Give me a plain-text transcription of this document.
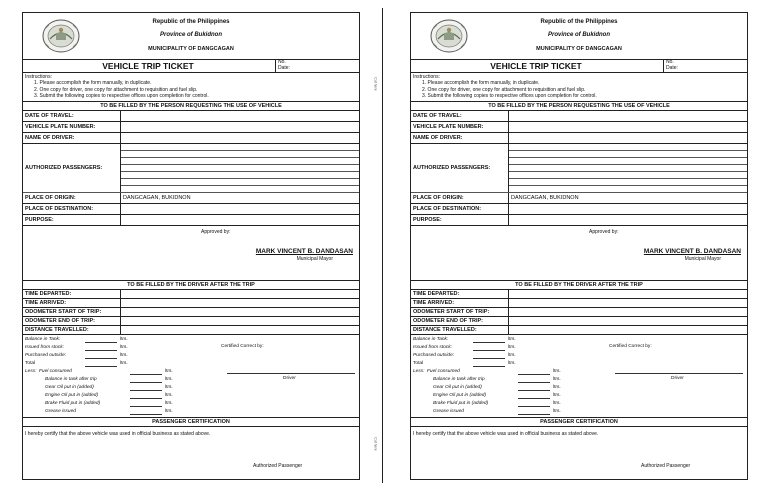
Cut here
Cut here
Republic of the Philippines
Province of Bukidnon
MUNICIPALITY OF DANGCAGAN
VEHICLE TRIP TICKET	No.
Date:
Instructions:
1. Please accomplish the form manually, in duplicate.
2. One copy for driver, one copy for attachment to requisition and fuel slip.
3. Submit the following copies to respective offices upon completion for control.
TO BE FILLED BY THE PERSON REQUESTING THE USE OF VEHICLE
DATE OF TRAVEL:	
VEHICLE PLATE NUMBER:	
NAME OF DRIVER:	
AUTHORIZED PASSENGERS:	

PLACE OF ORIGIN:	DANGCAGAN, BUKIDNON
PLACE OF DESTINATION:	
PURPOSE:	
Approved by:
MARK VINCENT B. DANDASAN
Municipal Mayor
TO BE FILLED BY THE DRIVER AFTER THE TRIP
TIME DEPARTED:	
TIME ARRIVED:	
ODOMETER START OF TRIP:	
ODOMETER END OF TRIP:	
DISTANCE TRAVELLED:	
Balance in Tank:	ltrs.
Issued from stock:	ltrs.
Purchased outside:	ltrs.
Total	ltrs.
Less: Fuel consumed	ltrs.
Balance in tank after trip	ltrs.
Gear Oil put in (added)	ltrs.
Engine Oil put in (added)	ltrs.
Brake Fluid put in (added)	ltrs.
Grease issued	ltrs.
Certified Correct by:
Driver
PASSENGER CERTIFICATION
I hereby certify that the above vehicle was used in official business as stated above.
Authorized Passenger
Republic of the Philippines
Province of Bukidnon
MUNICIPALITY OF DANGCAGAN
VEHICLE TRIP TICKET	No.
Date:
Instructions:
1. Please accomplish the form manually, in duplicate.
2. One copy for driver, one copy for attachment to requisition and fuel slip.
3. Submit the following copies to respective offices upon completion for control.
TO BE FILLED BY THE PERSON REQUESTING THE USE OF VEHICLE
DATE OF TRAVEL:	
VEHICLE PLATE NUMBER:	
NAME OF DRIVER:	
AUTHORIZED PASSENGERS:	

PLACE OF ORIGIN:	DANGCAGAN, BUKIDNON
PLACE OF DESTINATION:	
PURPOSE:	
Approved by:
MARK VINCENT B. DANDASAN
Municipal Mayor
TO BE FILLED BY THE DRIVER AFTER THE TRIP
TIME DEPARTED:	
TIME ARRIVED:	
ODOMETER START OF TRIP:	
ODOMETER END OF TRIP:	
DISTANCE TRAVELLED:	
Balance in Tank:	ltrs.
Issued from stock:	ltrs.
Purchased outside:	ltrs.
Total	ltrs.
Less: Fuel consumed	ltrs.
Balance in tank after trip	ltrs.
Gear Oil put in (added)	ltrs.
Engine Oil put in (added)	ltrs.
Brake Fluid put in (added)	ltrs.
Grease issued	ltrs.
Certified Correct by:
Driver
PASSENGER CERTIFICATION
I hereby certify that the above vehicle was used in official business as stated above.
Authorized Passenger
